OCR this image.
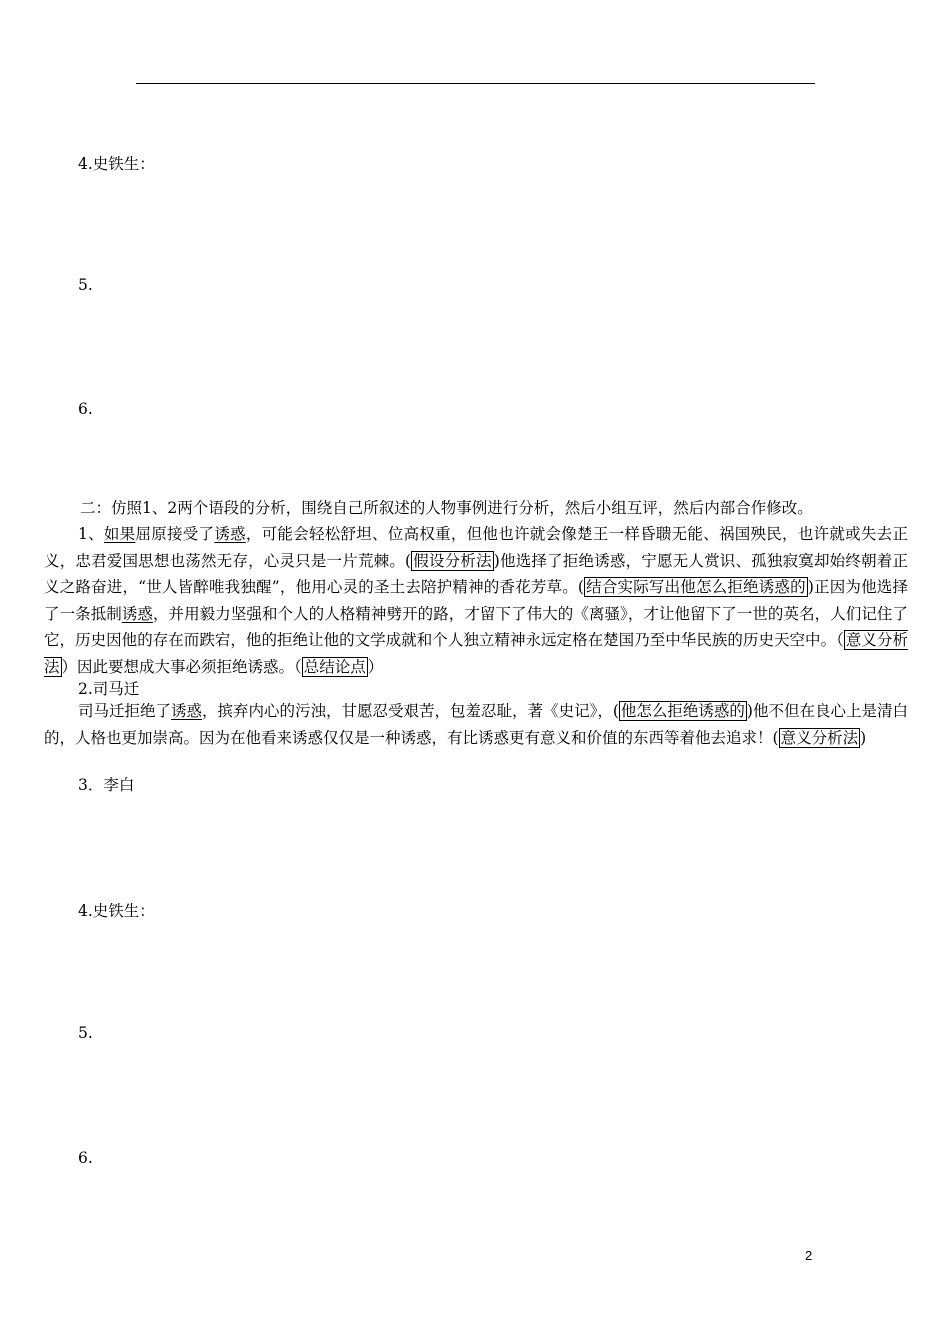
4.史铁生：
5.
6.
二：仿照1、2两个语段的分析，围绕自己所叙述的人物事例进行分析，然后小组互评，然后内部合作修改。
1、如果屈原接受了诱惑，可能会轻松舒坦、位高权重，但他也许就会像楚王一样昏聩无能、祸国殃民，也许就或失去正义，忠君爱国思想也荡然无存，心灵只是一片荒棘。( 假设分析法 )他选择了拒绝诱惑，宁愿无人赏识、孤独寂寞却始终朝着正义之路奋进，“世人皆醉唯我独醒”，他用心灵的圣土去陪护精神的香花芳草。( 结合实际写出他怎么拒绝诱惑的 )正因为他选择了一条抵制诱惑，并用毅力坚强和个人的人格精神劈开的路，才留下了伟大的《离骚》，才让他留下了一世的英名，人们记住了它，历史因他的存在而跌宕，他的拒绝让他的文学成就和个人独立精神永远定格在楚国乃至中华民族的历史天空中。（ 意义分析法 ）因此要想成大事必须拒绝诱惑。（ 总结论点 ）
2.司马迁
司马迁拒绝了诱惑，摈弃内心的污浊，甘愿忍受艰苦，包羞忍耻，著《史记》，( 他怎么拒绝诱惑的 )他不但在良心上是清白的，人格也更加崇高。因为在他看来诱惑仅仅是一种诱惑，有比诱惑更有意义和价值的东西等着他去追求！( 意义分析法 )
3．李白
4.史铁生：
5.
6.
2
